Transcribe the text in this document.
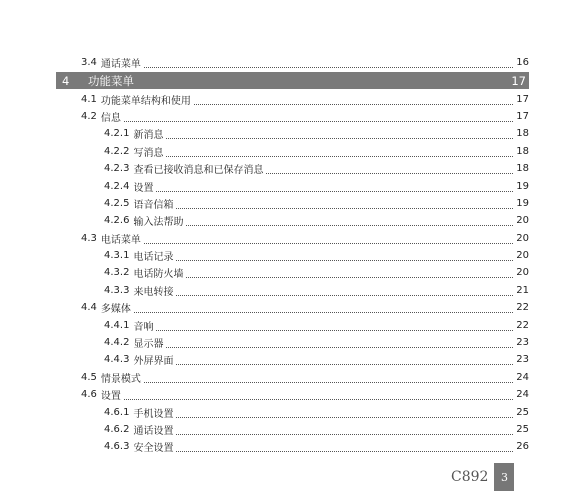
3.4 通话菜单	16
4	功能菜单	17
4.1 功能菜单结构和使用	17
4.2 信息	17
4.2.1 新消息	18
4.2.2 写消息	18
4.2.3 查看已接收消息和已保存消息	18
4.2.4 设置	19
4.2.5 语音信箱	19
4.2.6 输入法帮助	20
4.3 电话菜单	20
4.3.1 电话记录	20
4.3.2 电话防火墙	20
4.3.3 来电转接	21
4.4 多媒体	22
4.4.1 音响	22
4.4.2 显示器	23
4.4.3 外屏界面	23
4.5 情景模式	24
4.6 设置	24
4.6.1 手机设置	25
4.6.2 通话设置	25
4.6.3 安全设置	26
C892	3
